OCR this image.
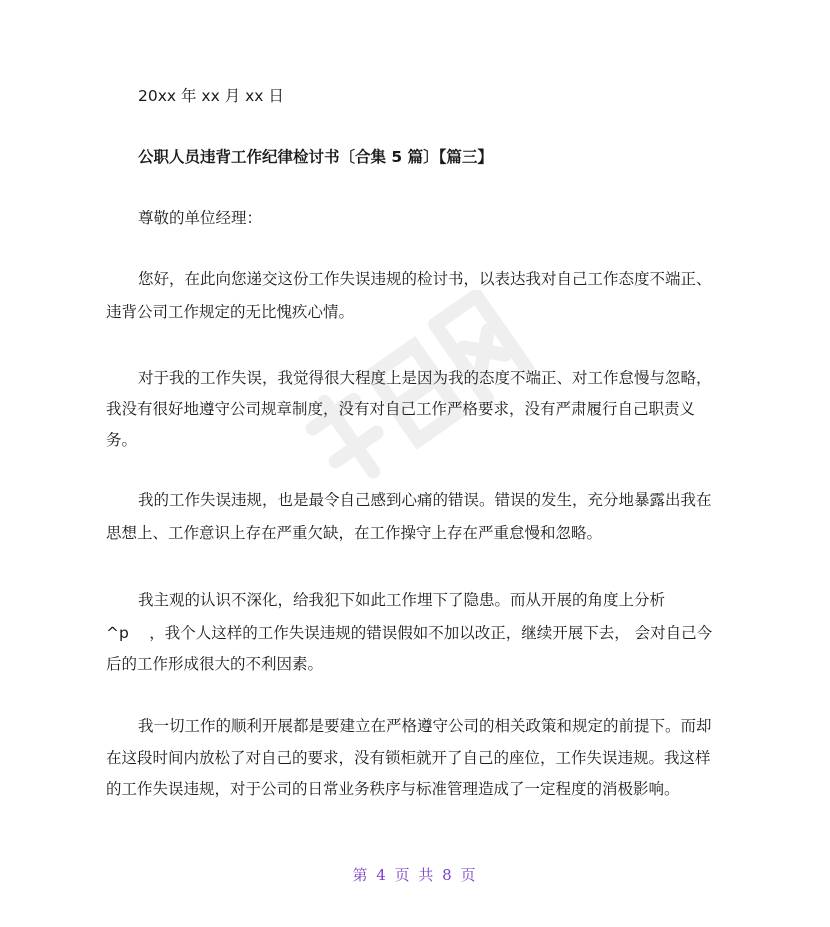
20xx 年 xx 月 xx 日
公职人员违背工作纪律检讨书〔合集 5 篇〕【篇三】
尊敬的单位经理：
您好，在此向您递交这份工作失误违规的检讨书，以表达我对自己工作态度不端正、
违背公司工作规定的无比愧疚心情。
对于我的工作失误，我觉得很大程度上是因为我的态度不端正、对工作怠慢与忽略，
我没有很好地遵守公司规章制度，没有对自己工作严格要求，没有严肃履行自己职责义
务。
我的工作失误违规，也是最令自己感到心痛的错误。错误的发生，充分地暴露出我在
思想上、工作意识上存在严重欠缺，在工作操守上存在严重怠慢和忽略。
我主观的认识不深化，给我犯下如此工作埋下了隐患。而从开展的角度上分析
^p　 ，我个人这样的工作失误违规的错误假如不加以改正，继续开展下去， 会对自己今
后的工作形成很大的不利因素。
我一切工作的顺利开展都是要建立在严格遵守公司的相关政策和规定的前提下。而却
在这段时间内放松了对自己的要求，没有锁柜就开了自己的座位，工作失误违规。我这样
的工作失误违规，对于公司的日常业务秩序与标准管理造成了一定程度的消极影响。
第 4 页 共 8 页
